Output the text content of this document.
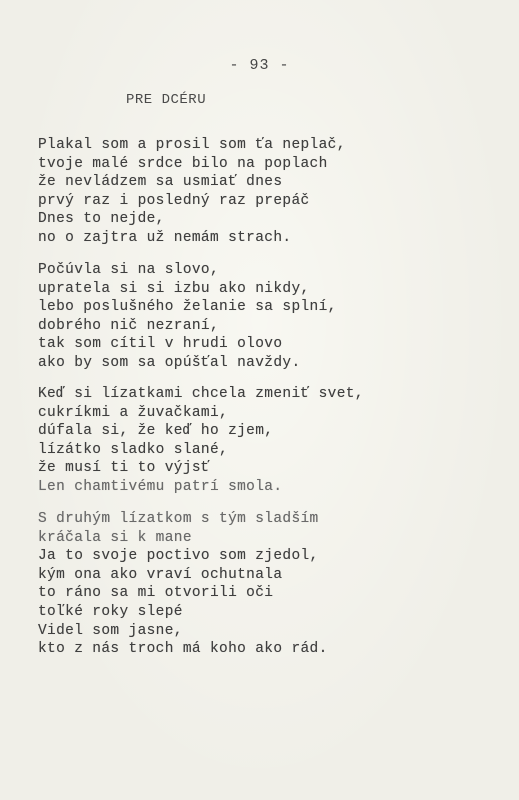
- 93 -
PRE DCÉRU
Plakal som a prosil som ťa neplač,
tvoje malé srdce bilo na poplach
že nevládzem sa usmiať dnes
prvý raz i posledný raz prepáč
Dnes to nejde,
no o zajtra už nemám strach.
Počúvla si na slovo,
upratela si si izbu ako nikdy,
lebo poslušného želanie sa splní,
dobrého nič nezraní,
tak som cítil v hrudi olovo
ako by som sa opúšťal navždy.
Keď si lízatkami chcela zmeniť svet,
cukríkmi a žuvačkami,
dúfala si, že keď ho zjem,
lízátko sladko slané,
že musí ti to výjsť
Len chamtivému patrí smola.
S druhým lízatkom s tým sladším
kráčala si k mane
Ja to svoje poctivo som zjedol,
kým ona ako vraví ochutnala
to ráno sa mi otvorili oči
toľké roky slepé
Videl som jasne,
kto z nás troch má koho ako rád.
